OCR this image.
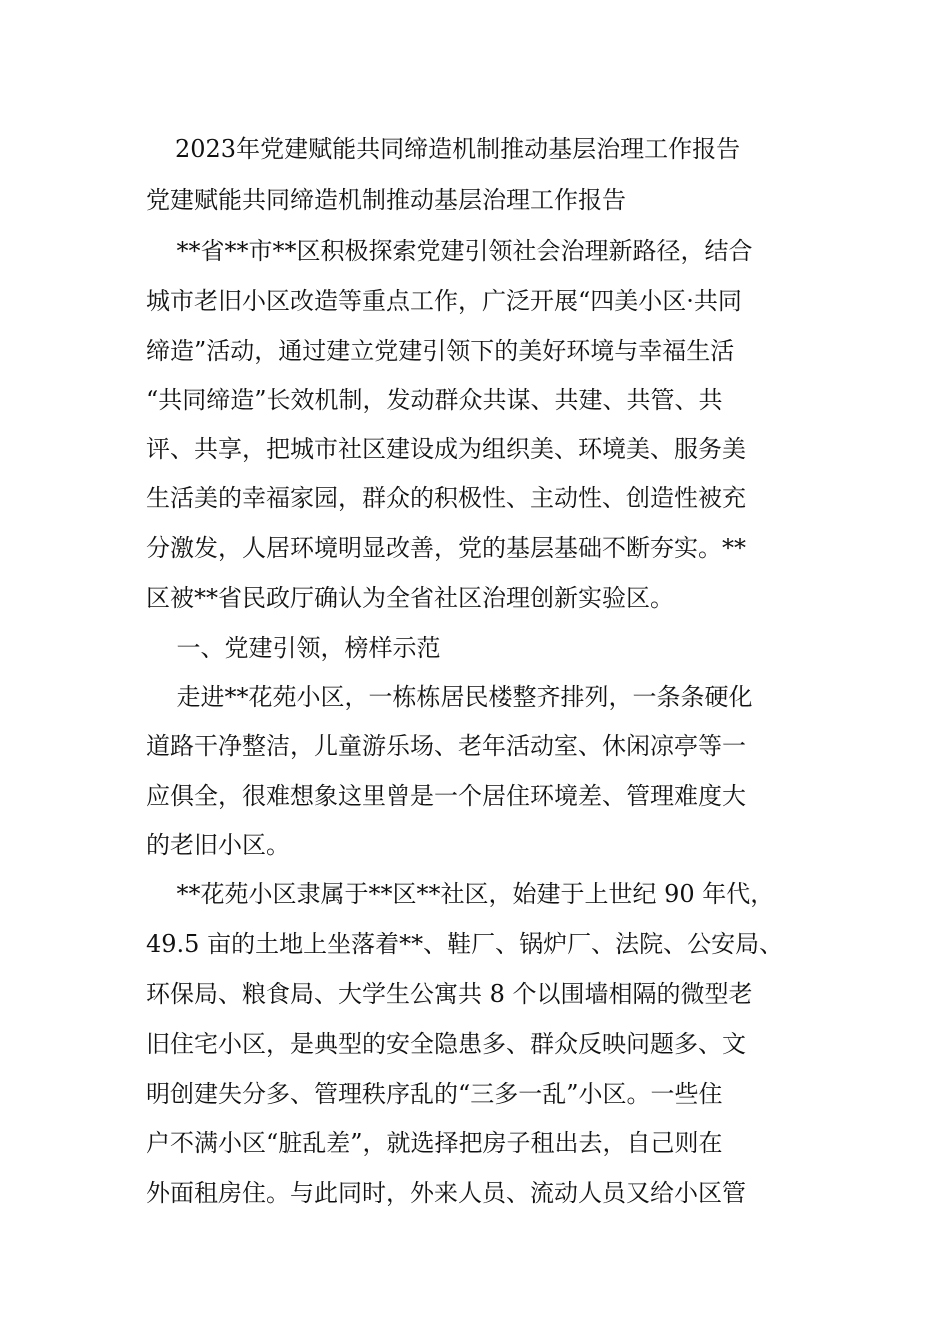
2023年党建赋能共同缔造机制推动基层治理工作报告

党建赋能共同缔造机制推动基层治理工作报告

**省**市**区积极探索党建引领社会治理新路径，结合

城市老旧小区改造等重点工作，广泛开展“四美小区·共同

缔造”活动，通过建立党建引领下的美好环境与幸福生活

“共同缔造”长效机制，发动群众共谋、共建、共管、共

评、共享，把城市社区建设成为组织美、环境美、服务美

生活美的幸福家园，群众的积极性、主动性、创造性被充

分激发，人居环境明显改善，党的基层基础不断夯实。**

区被**省民政厅确认为全省社区治理创新实验区。

一、党建引领，榜样示范

走进**花苑小区，一栋栋居民楼整齐排列，一条条硬化

道路干净整洁，儿童游乐场、老年活动室、休闲凉亭等一

应俱全，很难想象这里曾是一个居住环境差、管理难度大

的老旧小区。

**花苑小区隶属于**区**社区，始建于上世纪 90 年代，

49.5 亩的土地上坐落着**、鞋厂、锅炉厂、法院、公安局、

环保局、粮食局、大学生公寓共 8 个以围墙相隔的微型老

旧住宅小区，是典型的安全隐患多、群众反映问题多、文

明创建失分多、管理秩序乱的“三多一乱”小区。一些住

户不满小区“脏乱差”，就选择把房子租出去，自己则在

外面租房住。与此同时，外来人员、流动人员又给小区管
